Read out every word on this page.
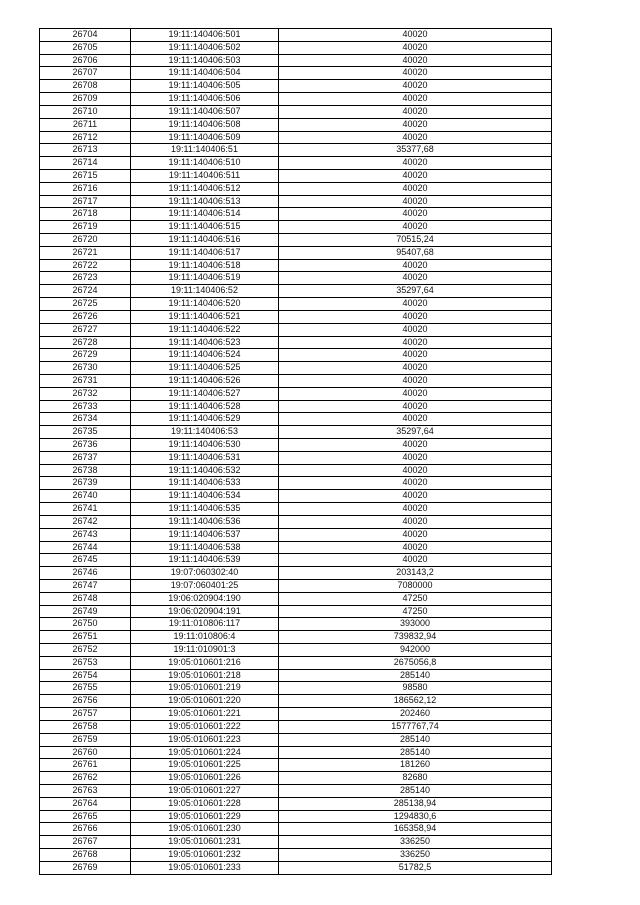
26704	19:11:140406:501	40020
26705	19:11:140406:502	40020
26706	19:11:140406:503	40020
26707	19:11:140406:504	40020
26708	19:11:140406:505	40020
26709	19:11:140406:506	40020
26710	19:11:140406:507	40020
26711	19:11:140406:508	40020
26712	19:11:140406:509	40020
26713	19:11:140406:51	35377,68
26714	19:11:140406:510	40020
26715	19:11:140406:511	40020
26716	19:11:140406:512	40020
26717	19:11:140406:513	40020
26718	19:11:140406:514	40020
26719	19:11:140406:515	40020
26720	19:11:140406:516	70515,24
26721	19:11:140406:517	95407,68
26722	19:11:140406:518	40020
26723	19:11:140406:519	40020
26724	19:11:140406:52	35297,64
26725	19:11:140406:520	40020
26726	19:11:140406:521	40020
26727	19:11:140406:522	40020
26728	19:11:140406:523	40020
26729	19:11:140406:524	40020
26730	19:11:140406:525	40020
26731	19:11:140406:526	40020
26732	19:11:140406:527	40020
26733	19:11:140406:528	40020
26734	19:11:140406:529	40020
26735	19:11:140406:53	35297,64
26736	19:11:140406:530	40020
26737	19:11:140406:531	40020
26738	19:11:140406:532	40020
26739	19:11:140406:533	40020
26740	19:11:140406:534	40020
26741	19:11:140406:535	40020
26742	19:11:140406:536	40020
26743	19:11:140406:537	40020
26744	19:11:140406:538	40020
26745	19:11:140406:539	40020
26746	19:07:060302:40	203143,2
26747	19:07:060401:25	7080000
26748	19:06:020904:190	47250
26749	19:06:020904:191	47250
26750	19:11:010806:117	393000
26751	19:11:010806:4	739832,94
26752	19:11:010901:3	942000
26753	19:05:010601:216	2675056,8
26754	19:05:010601:218	285140
26755	19:05:010601:219	98580
26756	19:05:010601:220	186562,12
26757	19:05:010601:221	202460
26758	19:05:010601:222	1577767,74
26759	19:05:010601:223	285140
26760	19:05:010601:224	285140
26761	19:05:010601:225	181260
26762	19:05:010601:226	82680
26763	19:05:010601:227	285140
26764	19:05:010601:228	285138,94
26765	19:05:010601:229	1294830,6
26766	19:05:010601:230	165358,94
26767	19:05:010601:231	336250
26768	19:05:010601:232	336250
26769	19:05:010601:233	51782,5
